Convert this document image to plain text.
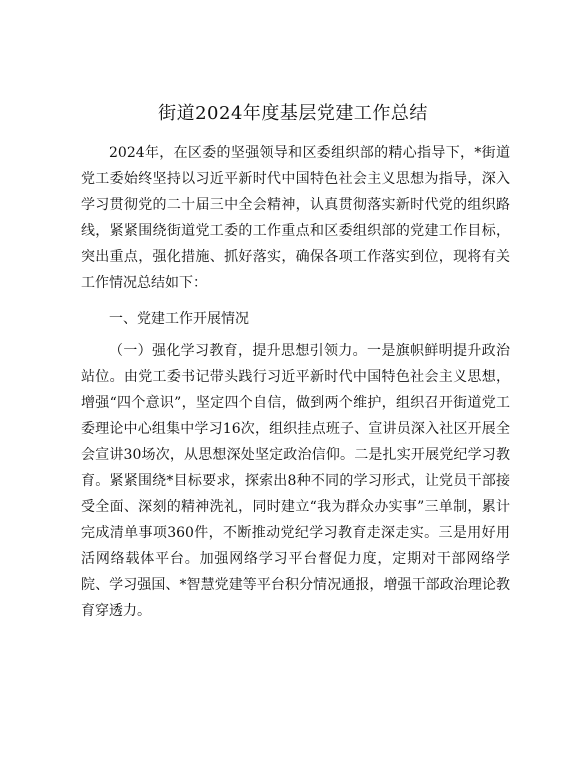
街道2024年度基层党建工作总结

2024年，在区委的坚强领导和区委组织部的精心指导下，*街道党工委始终坚持以习近平新时代中国特色社会主义思想为指导，深入学习贯彻党的二十届三中全会精神，认真贯彻落实新时代党的组织路线，紧紧围绕街道党工委的工作重点和区委组织部的党建工作目标，突出重点，强化措施、抓好落实，确保各项工作落实到位，现将有关工作情况总结如下：

一、党建工作开展情况

（一）强化学习教育，提升思想引领力。一是旗帜鲜明提升政治站位。由党工委书记带头践行习近平新时代中国特色社会主义思想，增强“四个意识”，坚定四个自信，做到两个维护，组织召开街道党工委理论中心组集中学习16次，组织挂点班子、宣讲员深入社区开展全会宣讲30场次，从思想深处坚定政治信仰。二是扎实开展党纪学习教育。紧紧围绕*目标要求，探索出8种不同的学习形式，让党员干部接受全面、深刻的精神洗礼，同时建立“我为群众办实事”三单制，累计完成清单事项360件，不断推动党纪学习教育走深走实。三是用好用活网络载体平台。加强网络学习平台督促力度，定期对干部网络学院、学习强国、*智慧党建等平台积分情况通报，增强干部政治理论教育穿透力。
